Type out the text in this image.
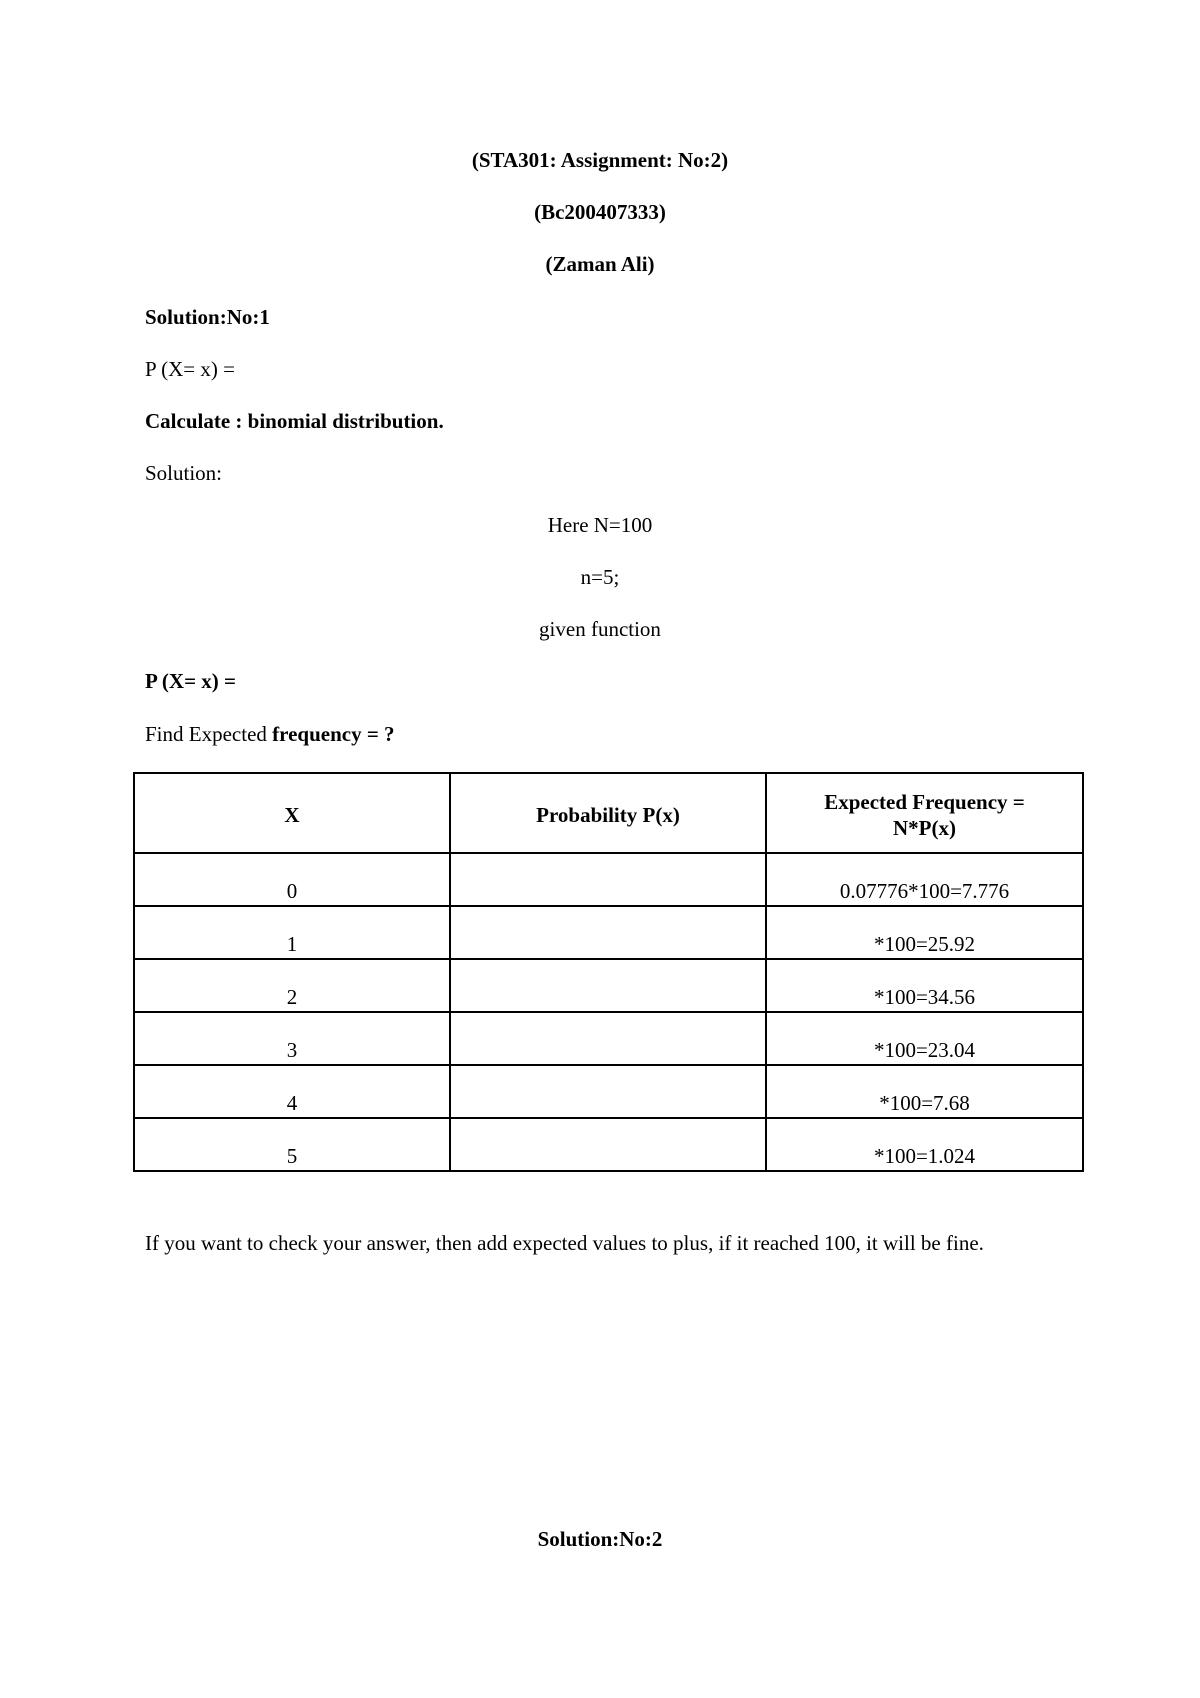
(STA301: Assignment: No:2)
(Bc200407333)
(Zaman Ali)
Solution:No:1
P (X= x) =
Calculate : binomial distribution.
Solution:
Here N=100
n=5;
given function
P (X= x) =
Find Expected frequency = ?
X	Probability P(x)	Expected Frequency = N*P(x)

0		0.07776*100=7.776
1		*100=25.92
2		*100=34.56
3		*100=23.04
4		*100=7.68
5		*100=1.024
If you want to check your answer, then add expected values to plus, if it reached 100, it will be fine.
Solution:No:2
